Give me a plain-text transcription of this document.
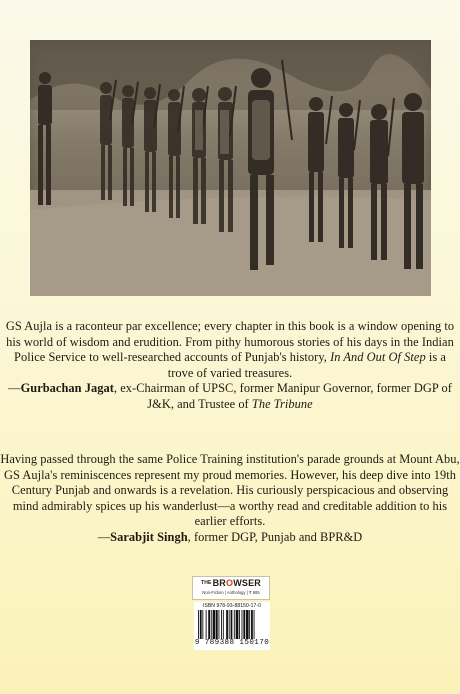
GS Aujla is a raconteur par excellence; every chapter in this book is a window opening to his world of wisdom and erudition. From pithy humorous stories of his days in the Indian Police Service to well-researched accounts of Punjab's history, In And Out Of Step is a trove of varied treasures.
—Gurbachan Jagat, ex-Chairman of UPSC, former Manipur Governor, former DGP of J&K, and Trustee of The Tribune

Having passed through the same Police Training institution's parade grounds at Mount Abu, GS Aujla's reminiscences represent my proud memories. However, his deep dive into 19th Century Punjab and onwards is a revelation. His curiously perspicacious and observing mind admirably spices up his wanderlust—a worthy read and creditable addition to his earlier efforts.
—Sarabjit Singh, former DGP, Punjab and BPR&D

$^{THE}$BROWSER
Non-Fiction | Anthology | ₹ 695
ISBN 978-93-88150-17-0
9 789388 150170
